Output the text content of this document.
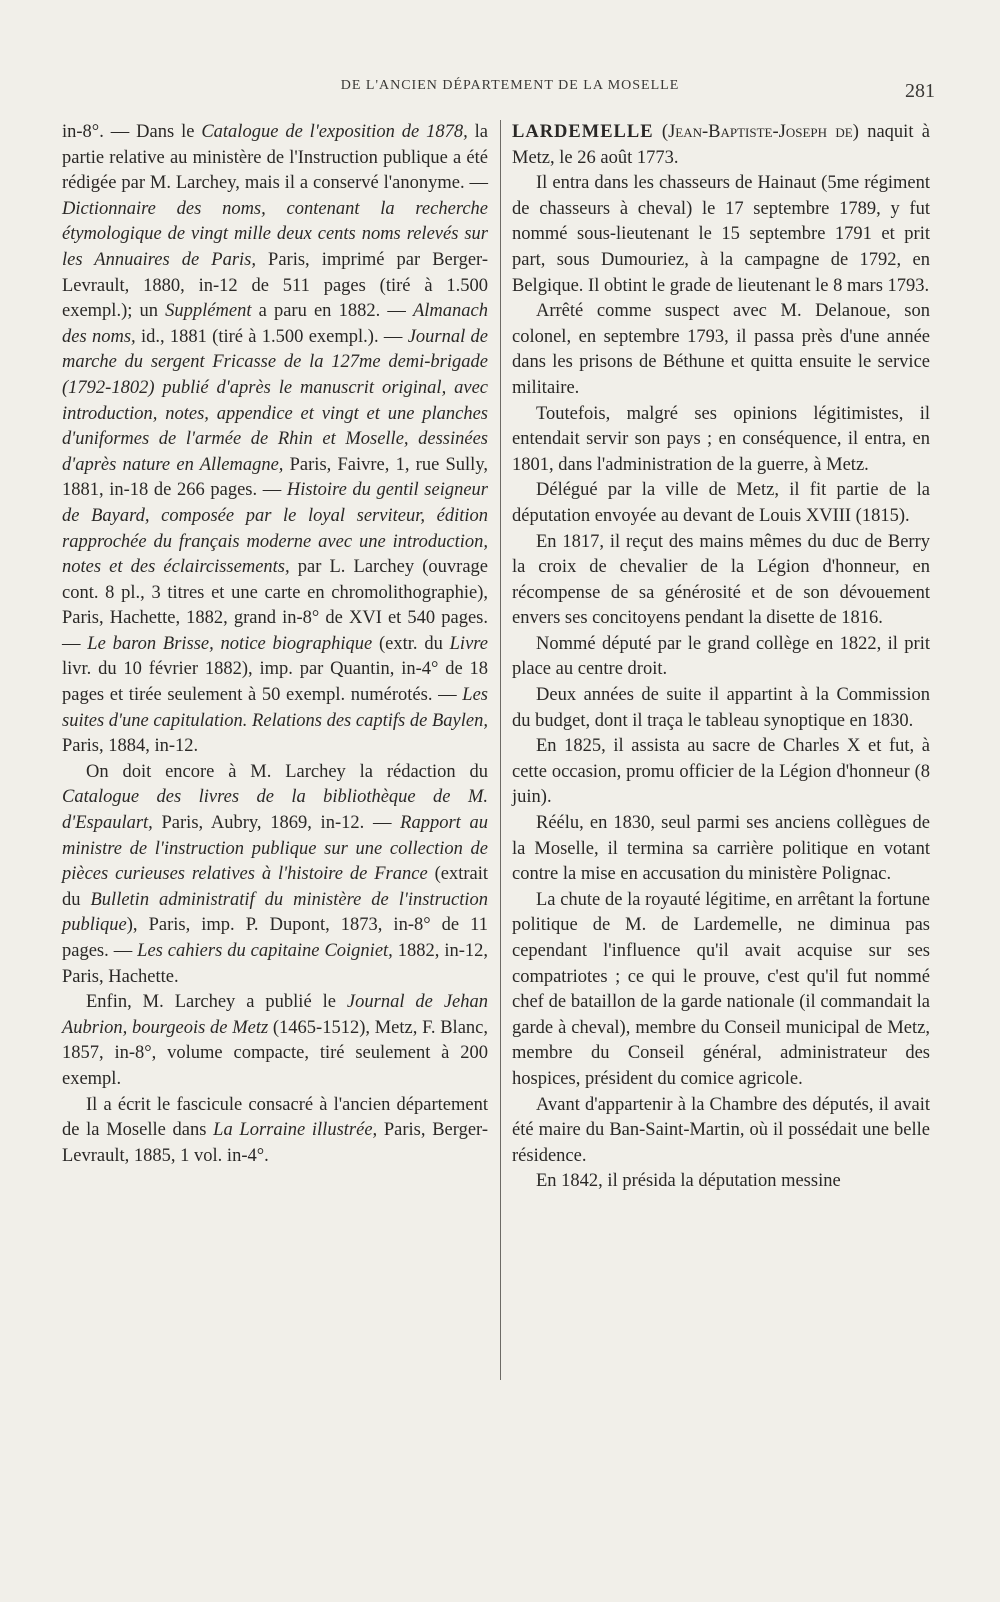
DE L'ANCIEN DÉPARTEMENT DE LA MOSELLE	281

in-8°. — Dans le Catalogue de l'exposition de 1878, la partie relative au ministère de l'Instruction publique a été rédigée par M. Larchey, mais il a conservé l'anonyme. — Dictionnaire des noms, contenant la recherche étymologique de vingt mille deux cents noms relevés sur les Annuaires de Paris, Paris, imprimé par Berger-Levrault, 1880, in-12 de 511 pages (tiré à 1.500 exempl.); un Supplément a paru en 1882. — Almanach des noms, id., 1881 (tiré à 1.500 exempl.). — Journal de marche du sergent Fricasse de la 127me demi-brigade (1792-1802) publié d'après le manuscrit original, avec introduction, notes, appendice et vingt et une planches d'uniformes de l'armée de Rhin et Moselle, dessinées d'après nature en Allemagne, Paris, Faivre, 1, rue Sully, 1881, in-18 de 266 pages. — Histoire du gentil seigneur de Bayard, composée par le loyal serviteur, édition rapprochée du français moderne avec une introduction, notes et des éclaircissements, par L. Larchey (ouvrage cont. 8 pl., 3 titres et une carte en chromolithographie), Paris, Hachette, 1882, grand in-8° de XVI et 540 pages. — Le baron Brisse, notice biographique (extr. du Livre livr. du 10 février 1882), imp. par Quantin, in-4° de 18 pages et tirée seulement à 50 exempl. numérotés. — Les suites d'une capitulation. Relations des captifs de Baylen, Paris, 1884, in-12.

On doit encore à M. Larchey la rédaction du Catalogue des livres de la bibliothèque de M. d'Espaulart, Paris, Aubry, 1869, in-12. — Rapport au ministre de l'instruction publique sur une collection de pièces curieuses relatives à l'histoire de France (extrait du Bulletin administratif du ministère de l'instruction publique), Paris, imp. P. Dupont, 1873, in-8° de 11 pages. — Les cahiers du capitaine Coigniet, 1882, in-12, Paris, Hachette.

Enfin, M. Larchey a publié le Journal de Jehan Aubrion, bourgeois de Metz (1465-1512), Metz, F. Blanc, 1857, in-8°, volume compacte, tiré seulement à 200 exempl.

Il a écrit le fascicule consacré à l'ancien département de la Moselle dans La Lorraine illustrée, Paris, Berger-Levrault, 1885, 1 vol. in-4°.

LARDEMELLE (Jean-Baptiste-Joseph de) naquit à Metz, le 26 août 1773.

Il entra dans les chasseurs de Hainaut (5me régiment de chasseurs à cheval) le 17 septembre 1789, y fut nommé sous-lieutenant le 15 septembre 1791 et prit part, sous Dumouriez, à la campagne de 1792, en Belgique. Il obtint le grade de lieutenant le 8 mars 1793.

Arrêté comme suspect avec M. Delanoue, son colonel, en septembre 1793, il passa près d'une année dans les prisons de Béthune et quitta ensuite le service militaire.

Toutefois, malgré ses opinions légitimistes, il entendait servir son pays ; en conséquence, il entra, en 1801, dans l'administration de la guerre, à Metz.

Délégué par la ville de Metz, il fit partie de la députation envoyée au devant de Louis XVIII (1815).

En 1817, il reçut des mains mêmes du duc de Berry la croix de chevalier de la Légion d'honneur, en récompense de sa générosité et de son dévouement envers ses concitoyens pendant la disette de 1816.

Nommé député par le grand collège en 1822, il prit place au centre droit.

Deux années de suite il appartint à la Commission du budget, dont il traça le tableau synoptique en 1830.

En 1825, il assista au sacre de Charles X et fut, à cette occasion, promu officier de la Légion d'honneur (8 juin).

Réélu, en 1830, seul parmi ses anciens collègues de la Moselle, il termina sa carrière politique en votant contre la mise en accusation du ministère Polignac.

La chute de la royauté légitime, en arrêtant la fortune politique de M. de Lardemelle, ne diminua pas cependant l'influence qu'il avait acquise sur ses compatriotes ; ce qui le prouve, c'est qu'il fut nommé chef de bataillon de la garde nationale (il commandait la garde à cheval), membre du Conseil municipal de Metz, membre du Conseil général, administrateur des hospices, président du comice agricole.

Avant d'appartenir à la Chambre des députés, il avait été maire du Ban-Saint-Martin, où il possédait une belle résidence.

En 1842, il présida la députation messine
